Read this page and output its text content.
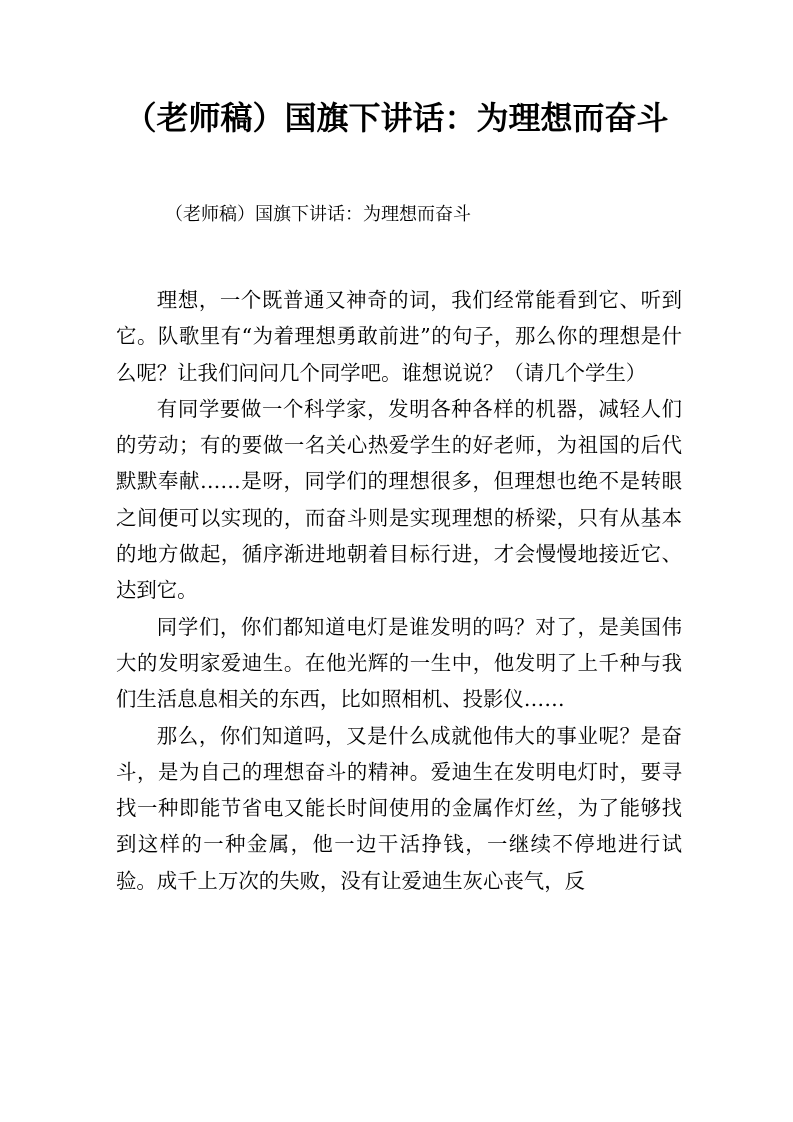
（老师稿）国旗下讲话：为理想而奋斗
（老师稿）国旗下讲话：为理想而奋斗

理想，一个既普通又神奇的词，我们经常能看到它、听到它。队歌里有“为着理想勇敢前进”的句子，那么你的理想是什么呢？让我们问问几个同学吧。谁想说说？（请几个学生）

有同学要做一个科学家，发明各种各样的机器，减轻人们的劳动；有的要做一名关心热爱学生的好老师，为祖国的后代默默奉献……是呀，同学们的理想很多，但理想也绝不是转眼之间便可以实现的，而奋斗则是实现理想的桥梁，只有从基本的地方做起，循序渐进地朝着目标行进，才会慢慢地接近它、达到它。

同学们，你们都知道电灯是谁发明的吗？对了，是美国伟大的发明家爱迪生。在他光辉的一生中，他发明了上千种与我们生活息息相关的东西，比如照相机、投影仪……

那么，你们知道吗，又是什么成就他伟大的事业呢？是奋斗，是为自己的理想奋斗的精神。爱迪生在发明电灯时，要寻找一种即能节省电又能长时间使用的金属作灯丝，为了能够找到这样的一种金属，他一边干活挣钱，一继续不停地进行试验。成千上万次的失败，没有让爱迪生灰心丧气，反
